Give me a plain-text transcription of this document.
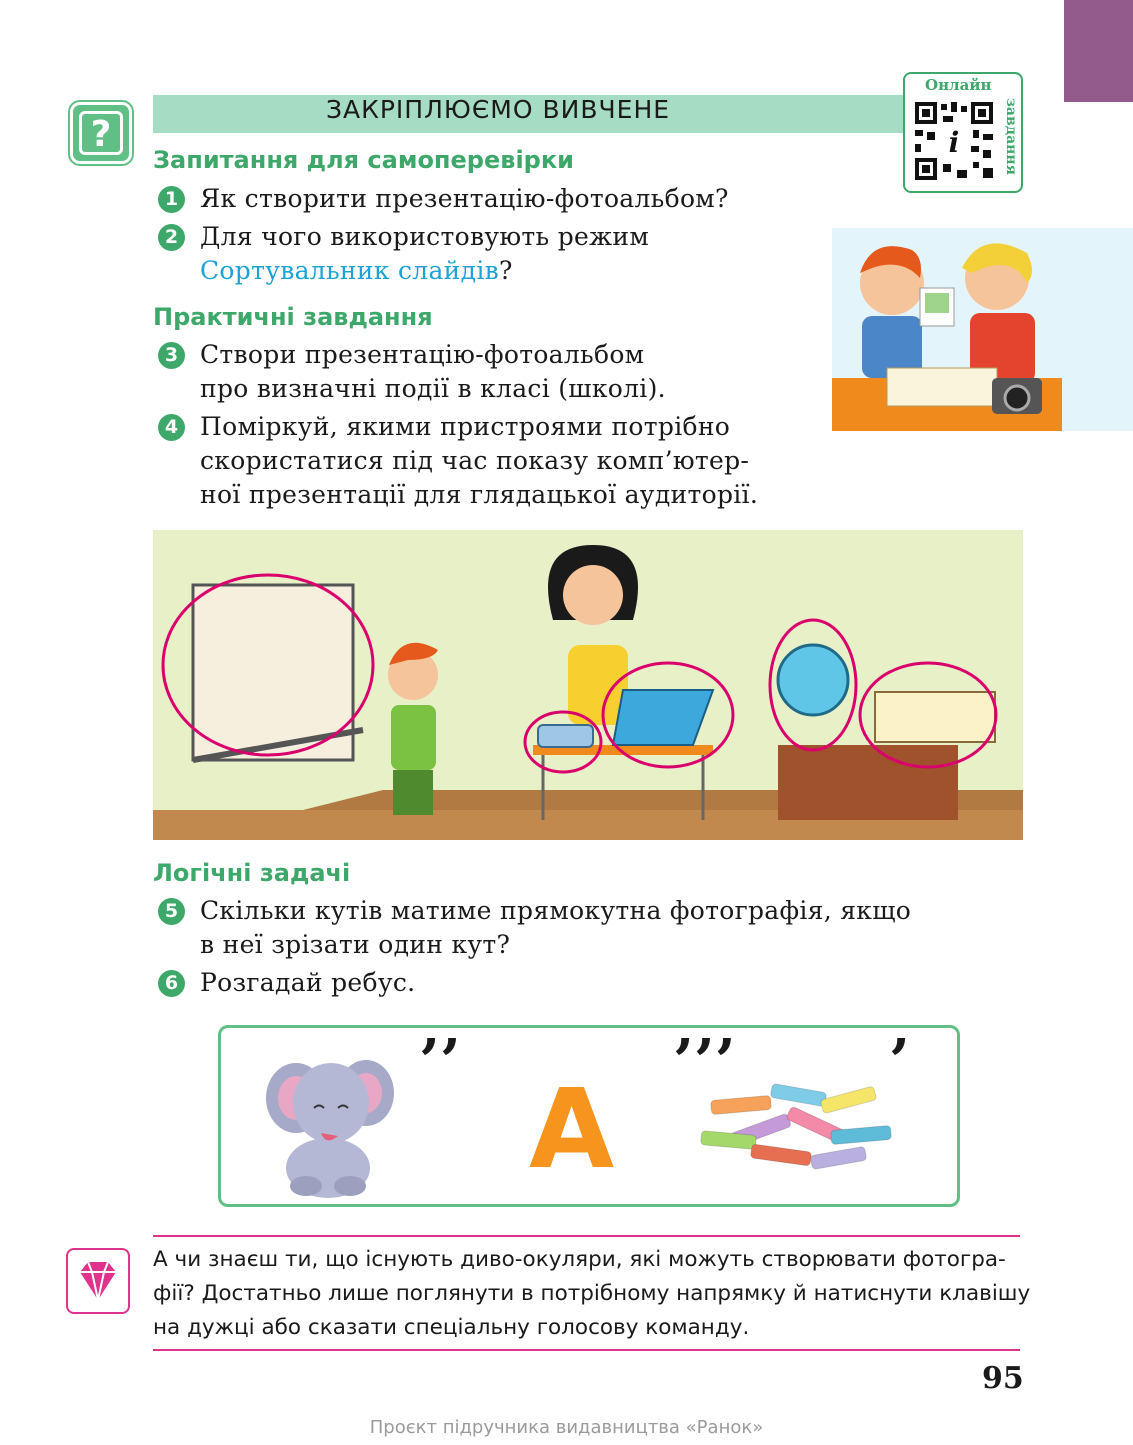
?
ЗАКРІПЛЮЄМО ВИВЧЕНЕ
Онлайн
завдання
i
Запитання для самоперевірки
1 Як створити презентацію-фотоальбом?
2 Для чого використовують режим
Сортувальник слайдів?
Практичні завдання
3 Створи презентацію-фотоальбом
про визначні події в класі (школі).
4 Поміркуй, якими пристроями потрібно
скористатися під час показу комп’ютер-
ної презентації для глядацької аудиторії.
Логічні задачі
5 Скільки кутів матиме прямокутна фотографія, якщо
в неї зрізати один кут?
6 Розгадай ребус.
’’
А
’’’	’
А чи знаєш ти, що існують диво-окуляри, які можуть створювати фотогра-
фії? Достатньо лише поглянути в потрібному напрямку й натиснути клавішу
на дужці або сказати спеціальну голосову команду.
95
Проєкт підручника видавництва «Ранок»
